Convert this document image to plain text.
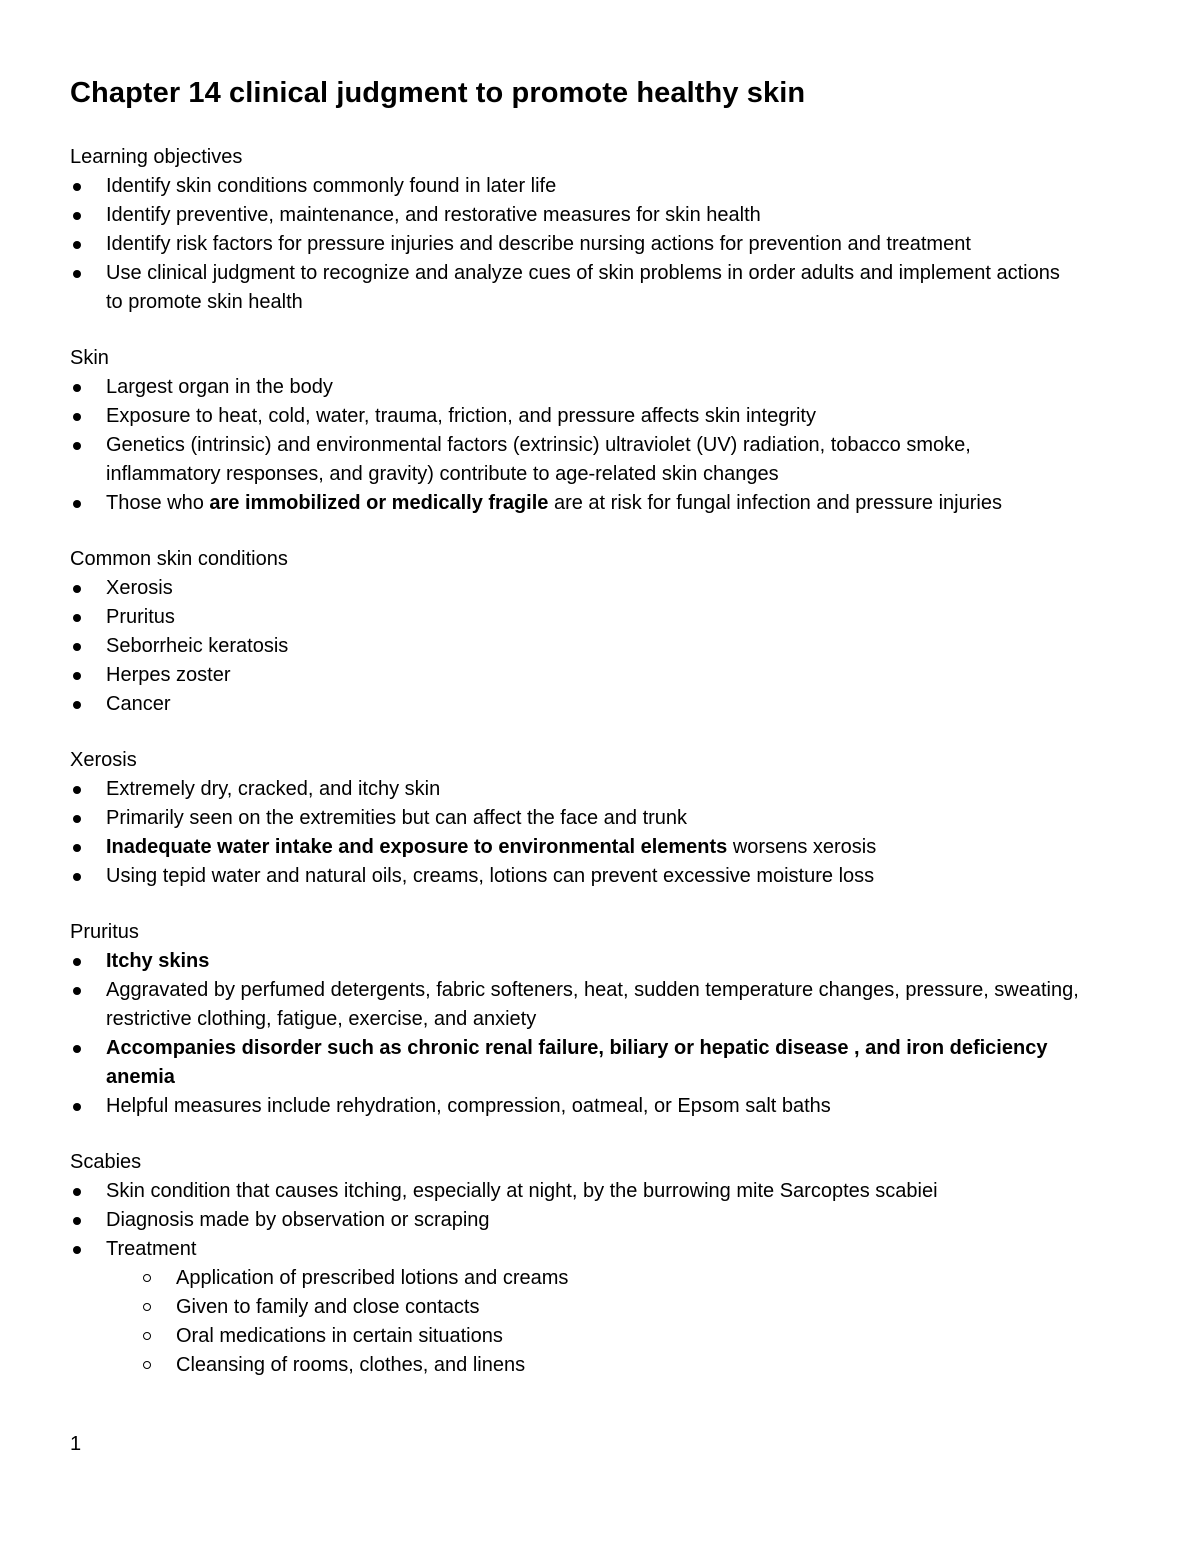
Chapter 14 clinical judgment to promote healthy skin
Learning objectives
Identify skin conditions commonly found in later life
Identify preventive, maintenance, and restorative measures for skin health
Identify risk factors for pressure injuries and describe nursing actions for prevention and treatment
Use clinical judgment to recognize and analyze cues of skin problems in order adults and implement actions to promote skin health
Skin
Largest organ in the body
Exposure to heat, cold, water, trauma, friction, and pressure affects skin integrity
Genetics (intrinsic) and environmental factors (extrinsic) ultraviolet (UV) radiation, tobacco smoke, inflammatory responses, and gravity) contribute to age-related skin changes
Those who are immobilized or medically fragile are at risk for fungal infection and pressure injuries
Common skin conditions
Xerosis
Pruritus
Seborrheic keratosis
Herpes zoster
Cancer
Xerosis
Extremely dry, cracked, and itchy skin
Primarily seen on the extremities but can affect the face and trunk
Inadequate water intake and exposure to environmental elements worsens xerosis
Using tepid water and natural oils, creams, lotions can prevent excessive moisture loss
Pruritus
Itchy skins
Aggravated by perfumed detergents, fabric softeners, heat, sudden temperature changes, pressure, sweating, restrictive clothing, fatigue, exercise, and anxiety
Accompanies disorder such as chronic renal failure, biliary or hepatic disease , and iron deficiency anemia
Helpful measures include rehydration, compression, oatmeal, or Epsom salt baths
Scabies
Skin condition that causes itching, especially at night, by the burrowing mite Sarcoptes scabiei
Diagnosis made by observation or scraping
Treatment
Application of prescribed lotions and creams
Given to family and close contacts
Oral medications in certain situations
Cleansing of rooms, clothes, and linens
1
